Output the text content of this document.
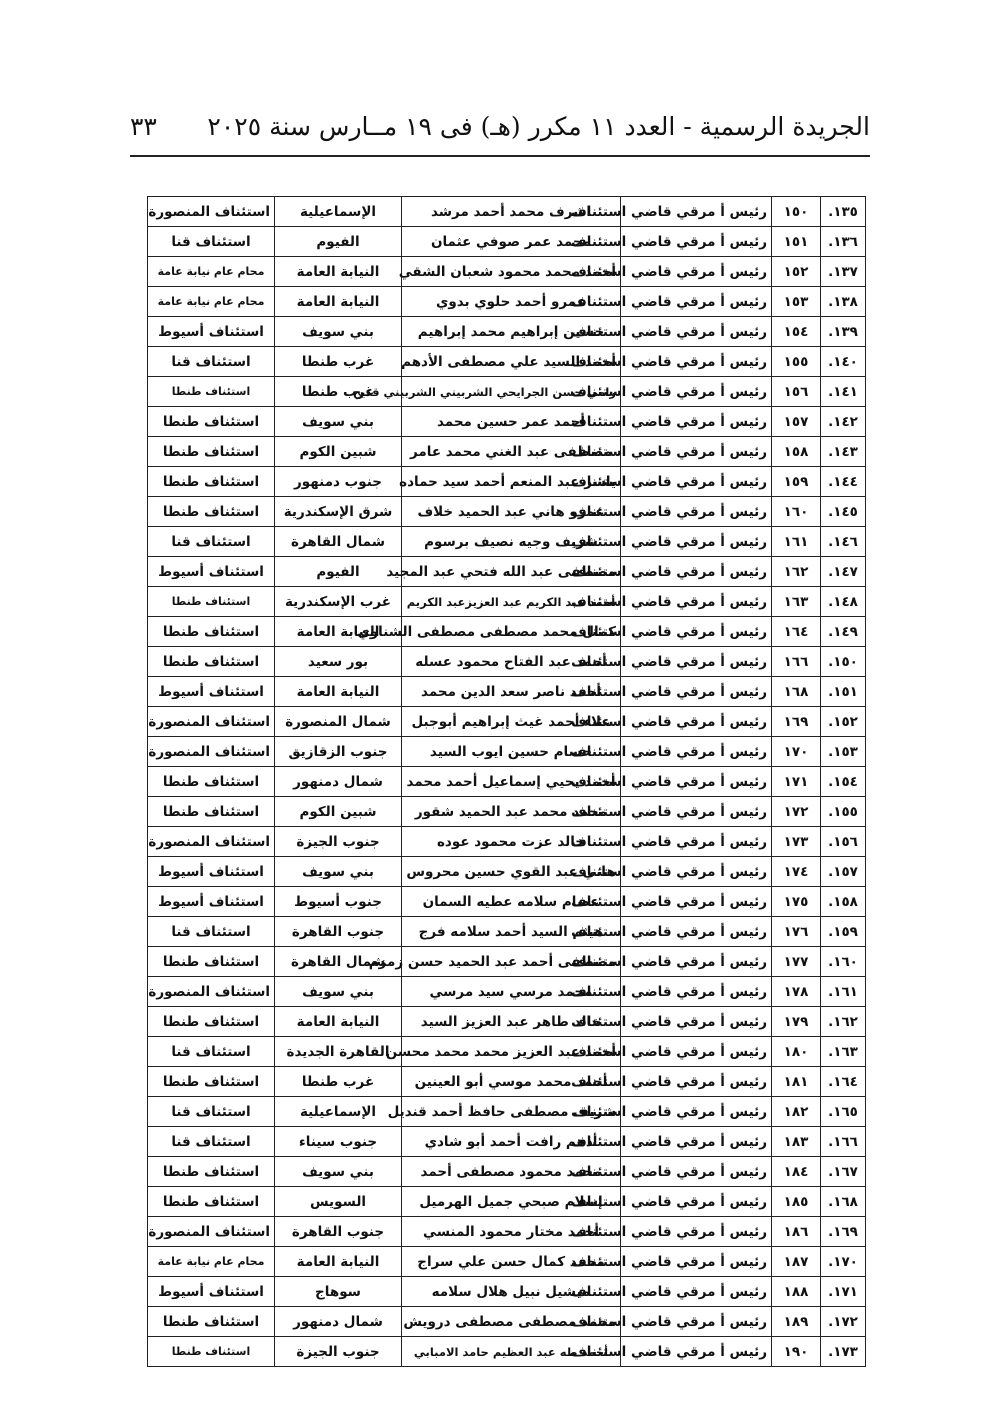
الجريدة الرسمية - العدد ١١ مكرر (هـ) فى ١٩ مــارس سنة ٢٠٢٥
٣٣
١٣٥.	١٥٠	رئيس أ مرقي قاضي استئناف	اشرف محمد أحمد مرشد	الإسماعيلية	استئناف المنصورة
١٣٦.	١٥١	رئيس أ مرقي قاضي استئناف	محمد عمر صوفي عثمان	الفيوم	استئناف قنا
١٣٧.	١٥٢	رئيس أ مرقي قاضي استئناف	أحمد محمد محمود شعبان الشقي	النيابة العامة	محام عام نيابة عامة
١٣٨.	١٥٣	رئيس أ مرقي قاضي استئناف	عمرو أحمد حلوي بدوي	النيابة العامة	محام عام نيابة عامة
١٣٩.	١٥٤	رئيس أ مرقي قاضي استئناف	حسين إبراهيم محمد إبراهيم	بني سويف	استئناف أسيوط
١٤٠.	١٥٥	رئيس أ مرقي قاضي استئناف	أحمد السيد علي مصطفى الأدهم	غرب طنطا	استئناف قنا
١٤١.	١٥٦	رئيس أ مرقي قاضي استئناف	رامي حسن الجرايحي الشربيني الشربيني قديح	غرب طنطا	استئناف طنطا
١٤٢.	١٥٧	رئيس أ مرقي قاضي استئناف	أحمد عمر حسين محمد	بني سويف	استئناف طنطا
١٤٣.	١٥٨	رئيس أ مرقي قاضي استئناف	مصطفى عبد الغني محمد عامر	شبين الكوم	استئناف طنطا
١٤٤.	١٥٩	رئيس أ مرقي قاضي استئناف	ياسر عبد المنعم أحمد سيد حماده	جنوب دمنهور	استئناف طنطا
١٤٥.	١٦٠	رئيس أ مرقي قاضي استئناف	عمرو هاني عبد الحميد خلاف	شرق الإسكندرية	استئناف طنطا
١٤٦.	١٦١	رئيس أ مرقي قاضي استئناف	شريف وجيه نصيف برسوم	شمال القاهرة	استئناف قنا
١٤٧.	١٦٢	رئيس أ مرقي قاضي استئناف	مصطفى عبد الله فتحي عبد المجيد	الفيوم	استئناف أسيوط
١٤٨.	١٦٣	رئيس أ مرقي قاضي استئناف	أحمد عبد الكريم عبد العزيزعبد الكريم	غرب الإسكندرية	استئناف طنطا
١٤٩.	١٦٤	رئيس أ مرقي قاضي استئناف	كمال محمد مصطفى مصطفى الشناوي	النيابة العامة	استئناف طنطا
١٥٠.	١٦٦	رئيس أ مرقي قاضي استئناف	أحمد عبد الفتاح محمود عسله	بور سعيد	استئناف طنطا
١٥١.	١٦٨	رئيس أ مرقي قاضي استئناف	أحمد ناصر سعد الدين محمد	النيابة العامة	استئناف أسيوط
١٥٢.	١٦٩	رئيس أ مرقي قاضي استئناف	علاء أحمد غيث إبراهيم أبوجبل	شمال المنصورة	استئناف المنصورة
١٥٣.	١٧٠	رئيس أ مرقي قاضي استئناف	حسام حسين ايوب السيد	جنوب الزقازيق	استئناف المنصورة
١٥٤.	١٧١	رئيس أ مرقي قاضي استئناف	أحمد يحيي إسماعيل أحمد محمد	شمال دمنهور	استئناف طنطا
١٥٥.	١٧٢	رئيس أ مرقي قاضي استئناف	محمد محمد عبد الحميد شقور	شبين الكوم	استئناف طنطا
١٥٦.	١٧٣	رئيس أ مرقي قاضي استئناف	خالد عزت محمود عوده	جنوب الجيزة	استئناف المنصورة
١٥٧.	١٧٤	رئيس أ مرقي قاضي استئناف	هاني عبد القوي حسين محروس	بني سويف	استئناف أسيوط
١٥٨.	١٧٥	رئيس أ مرقي قاضي استئناف	عصام سلامه عطيه السمان	جنوب أسيوط	استئناف أسيوط
١٥٩.	١٧٦	رئيس أ مرقي قاضي استئناف	هيثم السيد أحمد سلامه فرج	جنوب القاهرة	استئناف قنا
١٦٠.	١٧٧	رئيس أ مرقي قاضي استئناف	مصطفى أحمد عبد الحميد حسن زمزم	شمال القاهرة	استئناف طنطا
١٦١.	١٧٨	رئيس أ مرقي قاضي استئناف	محمد مرسي سيد مرسي	بني سويف	استئناف المنصورة
١٦٢.	١٧٩	رئيس أ مرقي قاضي استئناف	خالد طاهر عبد العزيز السيد	النيابة العامة	استئناف طنطا
١٦٣.	١٨٠	رئيس أ مرقي قاضي استئناف	أحمد عبد العزيز محمد محمد محسن	القاهرة الجديدة	استئناف قنا
١٦٤.	١٨١	رئيس أ مرقي قاضي استئناف	أحمد محمد موسي أبو العينين	غرب طنطا	استئناف طنطا
١٦٥.	١٨٢	رئيس أ مرقي قاضي استئناف	شريف مصطفى حافظ أحمد قنديل	الإسماعيلية	استئناف قنا
١٦٦.	١٨٣	رئيس أ مرقي قاضي استئناف	أدهم رافت أحمد أبو شادي	جنوب سيناء	استئناف قنا
١٦٧.	١٨٤	رئيس أ مرقي قاضي استئناف	محمد محمود مصطفى أحمد	بني سويف	استئناف طنطا
١٦٨.	١٨٥	رئيس أ مرقي قاضي استئناف	إسلام صبحي جميل الهرميل	السويس	استئناف طنطا
١٦٩.	١٨٦	رئيس أ مرقي قاضي استئناف	أحمد مختار محمود المنسي	جنوب القاهرة	استئناف المنصورة
١٧٠.	١٨٧	رئيس أ مرقي قاضي استئناف	محمد كمال حسن علي سراج	النيابة العامة	محام عام نيابة عامة
١٧١.	١٨٨	رئيس أ مرقي قاضي استئناف	ميشيل نبيل هلال سلامه	سوهاج	استئناف أسيوط
١٧٢.	١٨٩	رئيس أ مرقي قاضي استئناف	محمد مصطفى مصطفى درويش	شمال دمنهور	استئناف طنطا
١٧٣.	١٩٠	رئيس أ مرقي قاضي استئناف	أحمد طه عبد العظيم حامد الامبابي	جنوب الجيزة	استئناف طنطا
